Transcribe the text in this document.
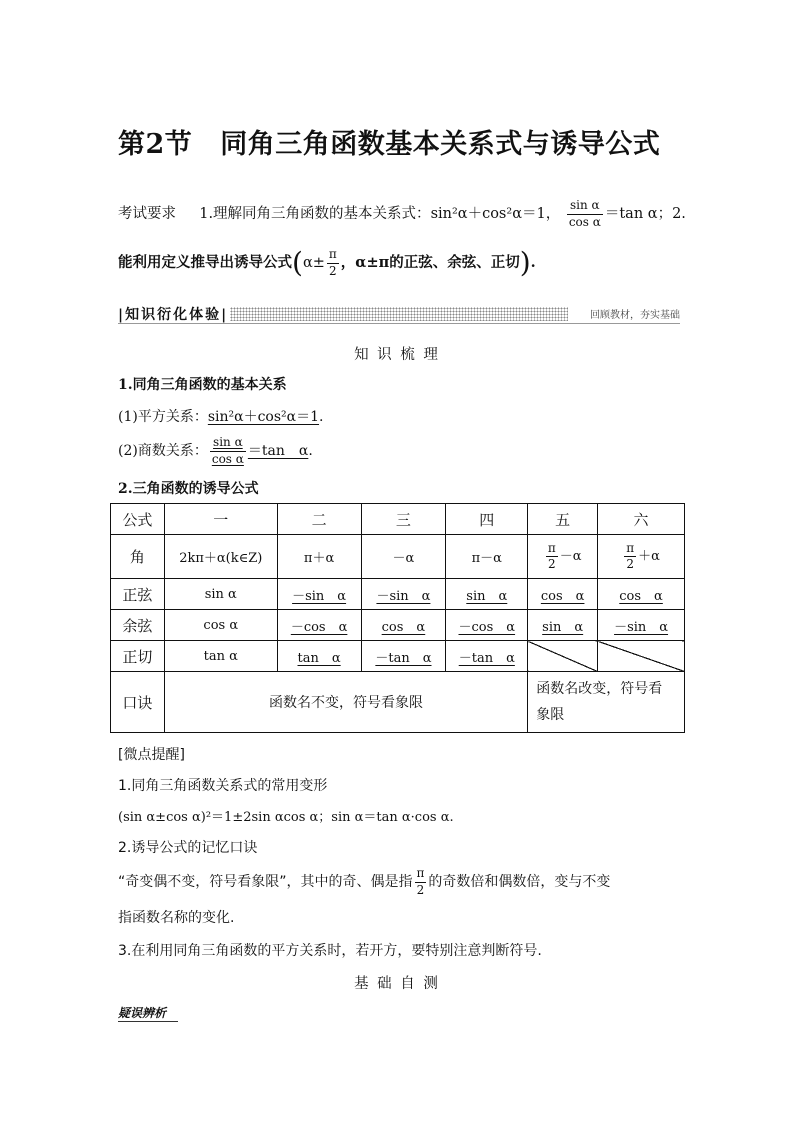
第2节 同角三角函数基本关系式与诱导公式
考试要求 1.理解同角三角函数的基本关系式：sin²α＋cos²α＝1， $\frac{\text{sin α}}{\text{cos α}} =\tan$ α；2.
能利用定义推导出诱导公式($\alpha\pm \frac{\pi}{2}$ ，α±π的正弦、余弦、正切).
|知识衍化体验|	回顾教材，夯实基础
知 识 梳 理
1.同角三角函数的基本关系
(1)平方关系：sin²α＋cos²α＝1.
(2)商数关系： $\frac{\text{sin α}}{\text{cos α}} =\tan$　α.
2.三角函数的诱导公式
公式	一	二	三	四	五	六
角	2kπ＋α(k∈Z)	π＋α	－α	π－α	$\frac{\pi}{2} -\alpha$	$\frac{\pi}{2} +\alpha$
正弦	sin α	－sin　α	－sin　α	sin　α	cos　α	cos　α
余弦	cos α	－cos　α	cos　α	－cos　α	sin　α	－sin　α
正切	tan α	tan　α	－tan　α	－tan　α		
口诀	函数名不变，符号看象限				函数名改变，符号看象限	
[微点提醒]
1.同角三角函数关系式的常用变形
(sin α±cos α)²＝1±2sin αcos α；sin α＝tan α·cos α.
2.诱导公式的记忆口诀
“奇变偶不变，符号看象限”，其中的奇、偶是指 $\frac{\pi}{2}$ 的奇数倍和偶数倍，变与不变
指函数名称的变化.
3.在利用同角三角函数的平方关系时，若开方，要特别注意判断符号.
基 础 自 测
疑误辨析
